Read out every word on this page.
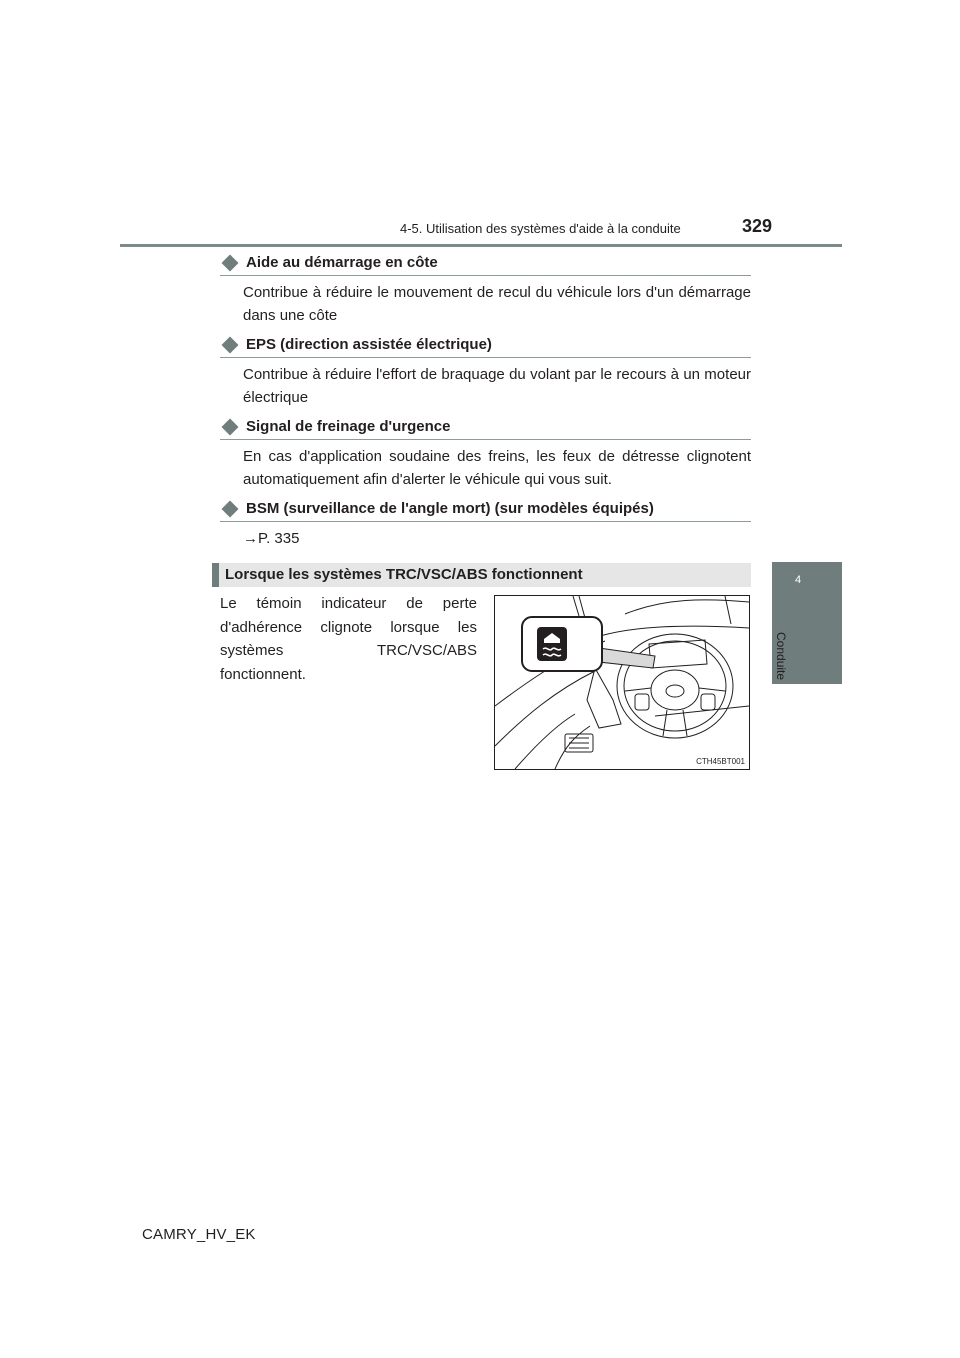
4-5. Utilisation des systèmes d'aide à la conduite	329
4
Conduite
Aide au démarrage en côte
Contribue à réduire le mouvement de recul du véhicule lors d'un démarrage dans une côte
EPS (direction assistée électrique)
Contribue à réduire l'effort de braquage du volant par le recours à un moteur électrique
Signal de freinage d'urgence
En cas d'application soudaine des freins, les feux de détresse clignotent automatiquement afin d'alerter le véhicule qui vous suit.
BSM (surveillance de l'angle mort) (sur modèles équipés)
→P. 335
Lorsque les systèmes TRC/VSC/ABS fonctionnent
Le témoin indicateur de perte d'adhérence clignote lorsque les systèmes TRC/VSC/ABS fonctionnent.
CTH45BT001
CAMRY_HV_EK
